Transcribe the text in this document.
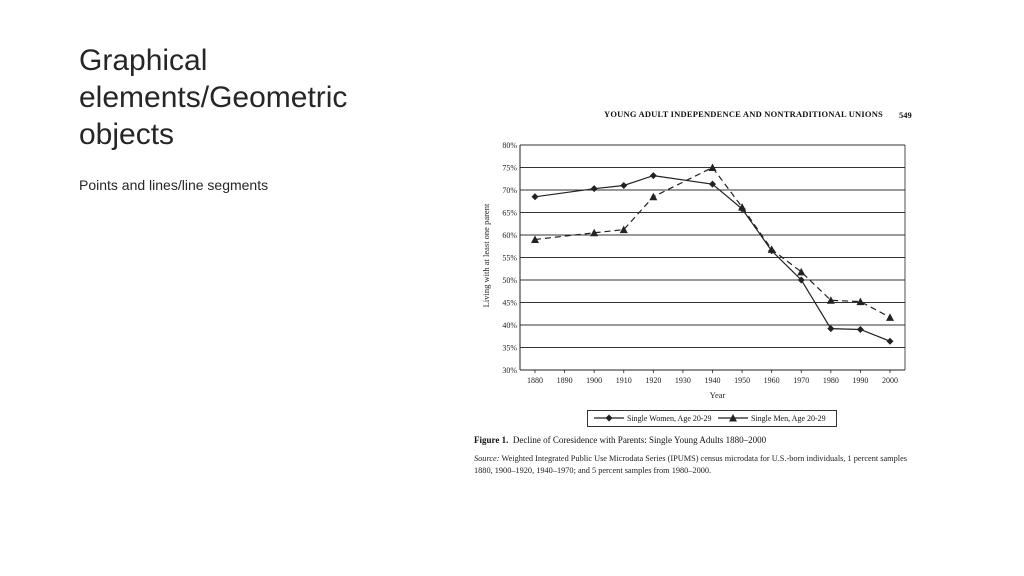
Graphical
elements/Geometric
objects
Points and lines/line segments
YOUNG ADULT INDEPENDENCE AND NONTRADITIONAL UNIONS 549
80%
75%
70%
65%
60%
55%
50%
45%
40%
35%
30%
1880 1890 1900 1910 1920 1930 1940 1950 1960 1970 1980 1990 2000
Year
Living with at least one parent
Single Women, Age 20-29	Single Men, Age 20-29
Figure 1. Decline of Coresidence with Parents: Single Young Adults 1880–2000
Source: Weighted Integrated Public Use Microdata Series (IPUMS) census microdata for U.S.-born individuals, 1 percent samples 1880, 1900–1920, 1940–1970; and 5 percent samples from 1980–2000.
